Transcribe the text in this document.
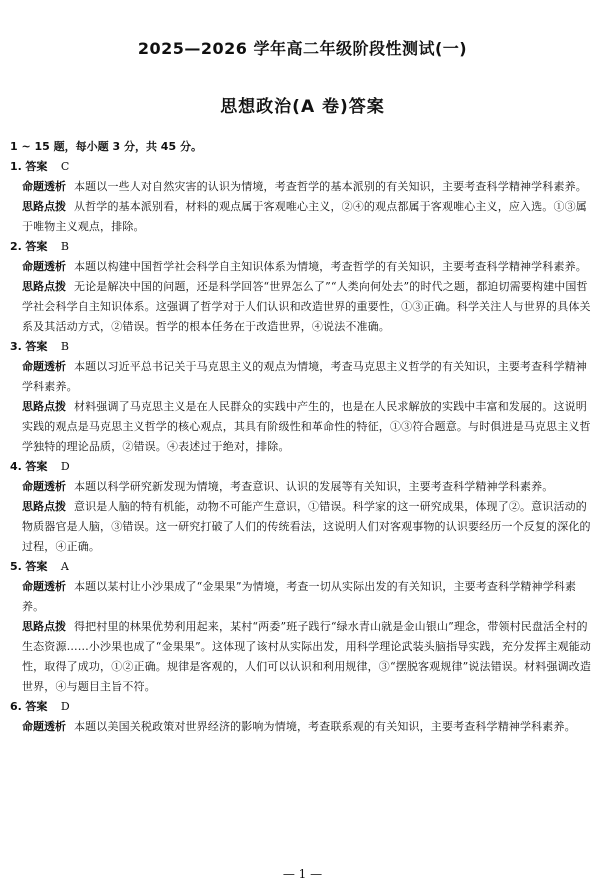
2025—2026 学年高二年级阶段性测试(一)
思想政治(A 卷)答案
1 ~ 15 题，每小题 3 分，共 45 分。
1. 答案 C
命题透析 本题以一些人对自然灾害的认识为情境，考查哲学的基本派别的有关知识，主要考查科学精神学科素养。
思路点拨 从哲学的基本派别看，材料的观点属于客观唯心主义，②④的观点都属于客观唯心主义，应入选。①③属于唯物主义观点，排除。
2. 答案 B
命题透析 本题以构建中国哲学社会科学自主知识体系为情境，考查哲学的有关知识，主要考查科学精神学科素养。
思路点拨 无论是解决中国的问题，还是科学回答“世界怎么了”“人类向何处去”的时代之题，都迫切需要构建中国哲学社会科学自主知识体系。这强调了哲学对于人们认识和改造世界的重要性，①③正确。科学关注人与世界的具体关系及其活动方式，②错误。哲学的根本任务在于改造世界，④说法不准确。
3. 答案 B
命题透析 本题以习近平总书记关于马克思主义的观点为情境，考查马克思主义哲学的有关知识，主要考查科学精神学科素养。
思路点拨 材料强调了马克思主义是在人民群众的实践中产生的，也是在人民求解放的实践中丰富和发展的。这说明实践的观点是马克思主义哲学的核心观点，其具有阶级性和革命性的特征，①③符合题意。与时俱进是马克思主义哲学独特的理论品质，②错误。④表述过于绝对，排除。
4. 答案 D
命题透析 本题以科学研究新发现为情境，考查意识、认识的发展等有关知识，主要考查科学精神学科素养。
思路点拨 意识是人脑的特有机能，动物不可能产生意识，①错误。科学家的这一研究成果，体现了②。意识活动的物质器官是人脑，③错误。这一研究打破了人们的传统看法，这说明人们对客观事物的认识要经历一个反复的深化的过程，④正确。
5. 答案 A
命题透析 本题以某村让小沙果成了“金果果”为情境，考查一切从实际出发的有关知识，主要考查科学精神学科素养。
思路点拨 得把村里的林果优势利用起来，某村“两委”班子践行“绿水青山就是金山银山”理念，带领村民盘活全村的生态资源……小沙果也成了“金果果”。这体现了该村从实际出发，用科学理论武装头脑指导实践，充分发挥主观能动性，取得了成功，①②正确。规律是客观的，人们可以认识和利用规律，③“摆脱客观规律”说法错误。材料强调改造世界，④与题目主旨不符。
6. 答案 D
命题透析 本题以美国关税政策对世界经济的影响为情境，考查联系观的有关知识，主要考查科学精神学科素养。
— 1 —
